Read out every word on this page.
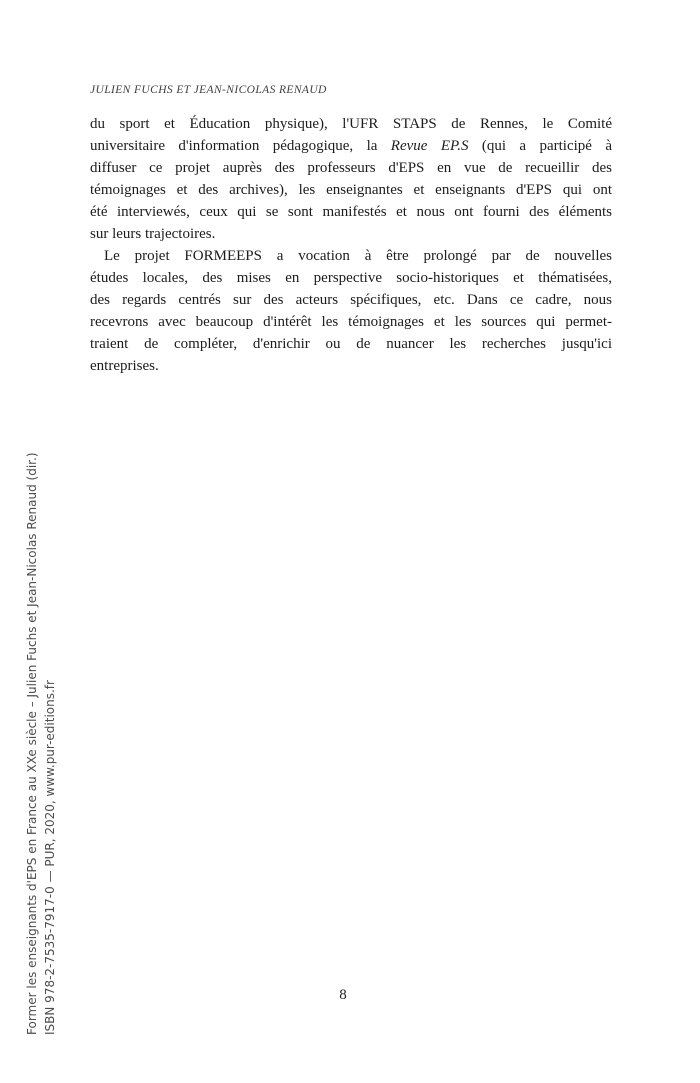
JULIEN FUCHS ET JEAN-NICOLAS RENAUD
du sport et Éducation physique), l'UFR STAPS de Rennes, le Comité
universitaire d'information pédagogique, la Revue EP.S (qui a participé à
diffuser ce projet auprès des professeurs d'EPS en vue de recueillir des
témoignages et des archives), les enseignantes et enseignants d'EPS qui ont
été interviewés, ceux qui se sont manifestés et nous ont fourni des éléments
sur leurs trajectoires.
Le projet FORMEEPS a vocation à être prolongé par de nouvelles
études locales, des mises en perspective socio-historiques et thématisées,
des regards centrés sur des acteurs spécifiques, etc. Dans ce cadre, nous
recevrons avec beaucoup d'intérêt les témoignages et les sources qui permet-
traient de compléter, d'enrichir ou de nuancer les recherches jusqu'ici
entreprises.
Former les enseignants d'EPS en France au XXe siècle – Julien Fuchs et Jean-Nicolas Renaud (dir.) ISBN 978-2-7535-7917-0 — PUR, 2020, www.pur-editions.fr	8
